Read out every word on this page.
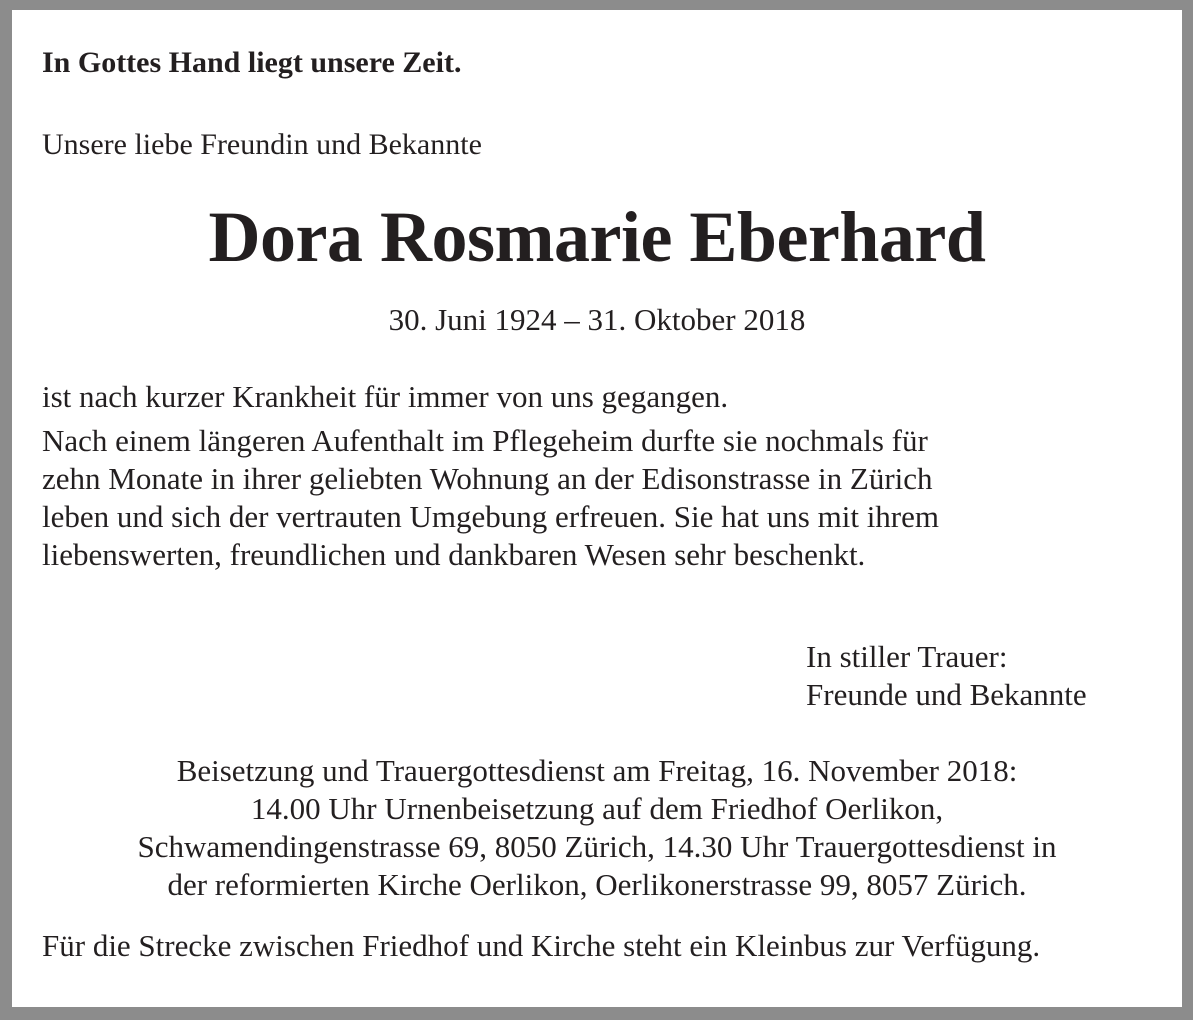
In Gottes Hand liegt unsere Zeit.
Unsere liebe Freundin und Bekannte
Dora Rosmarie Eberhard
30. Juni 1924 – 31. Oktober 2018
ist nach kurzer Krankheit für immer von uns gegangen.
Nach einem längeren Aufenthalt im Pflegeheim durfte sie nochmals für
zehn Monate in ihrer geliebten Wohnung an der Edisonstrasse in Zürich
leben und sich der vertrauten Umgebung erfreuen. Sie hat uns mit ihrem
liebenswerten, freundlichen und dankbaren Wesen sehr beschenkt.
In stiller Trauer:
Freunde und Bekannte
Beisetzung und Trauergottesdienst am Freitag, 16. November 2018:
14.00 Uhr Urnenbeisetzung auf dem Friedhof Oerlikon,
Schwamendingenstrasse 69, 8050 Zürich, 14.30 Uhr Trauergottesdienst in
der reformierten Kirche Oerlikon, Oerlikonerstrasse 99, 8057 Zürich.
Für die Strecke zwischen Friedhof und Kirche steht ein Kleinbus zur Verfügung.
